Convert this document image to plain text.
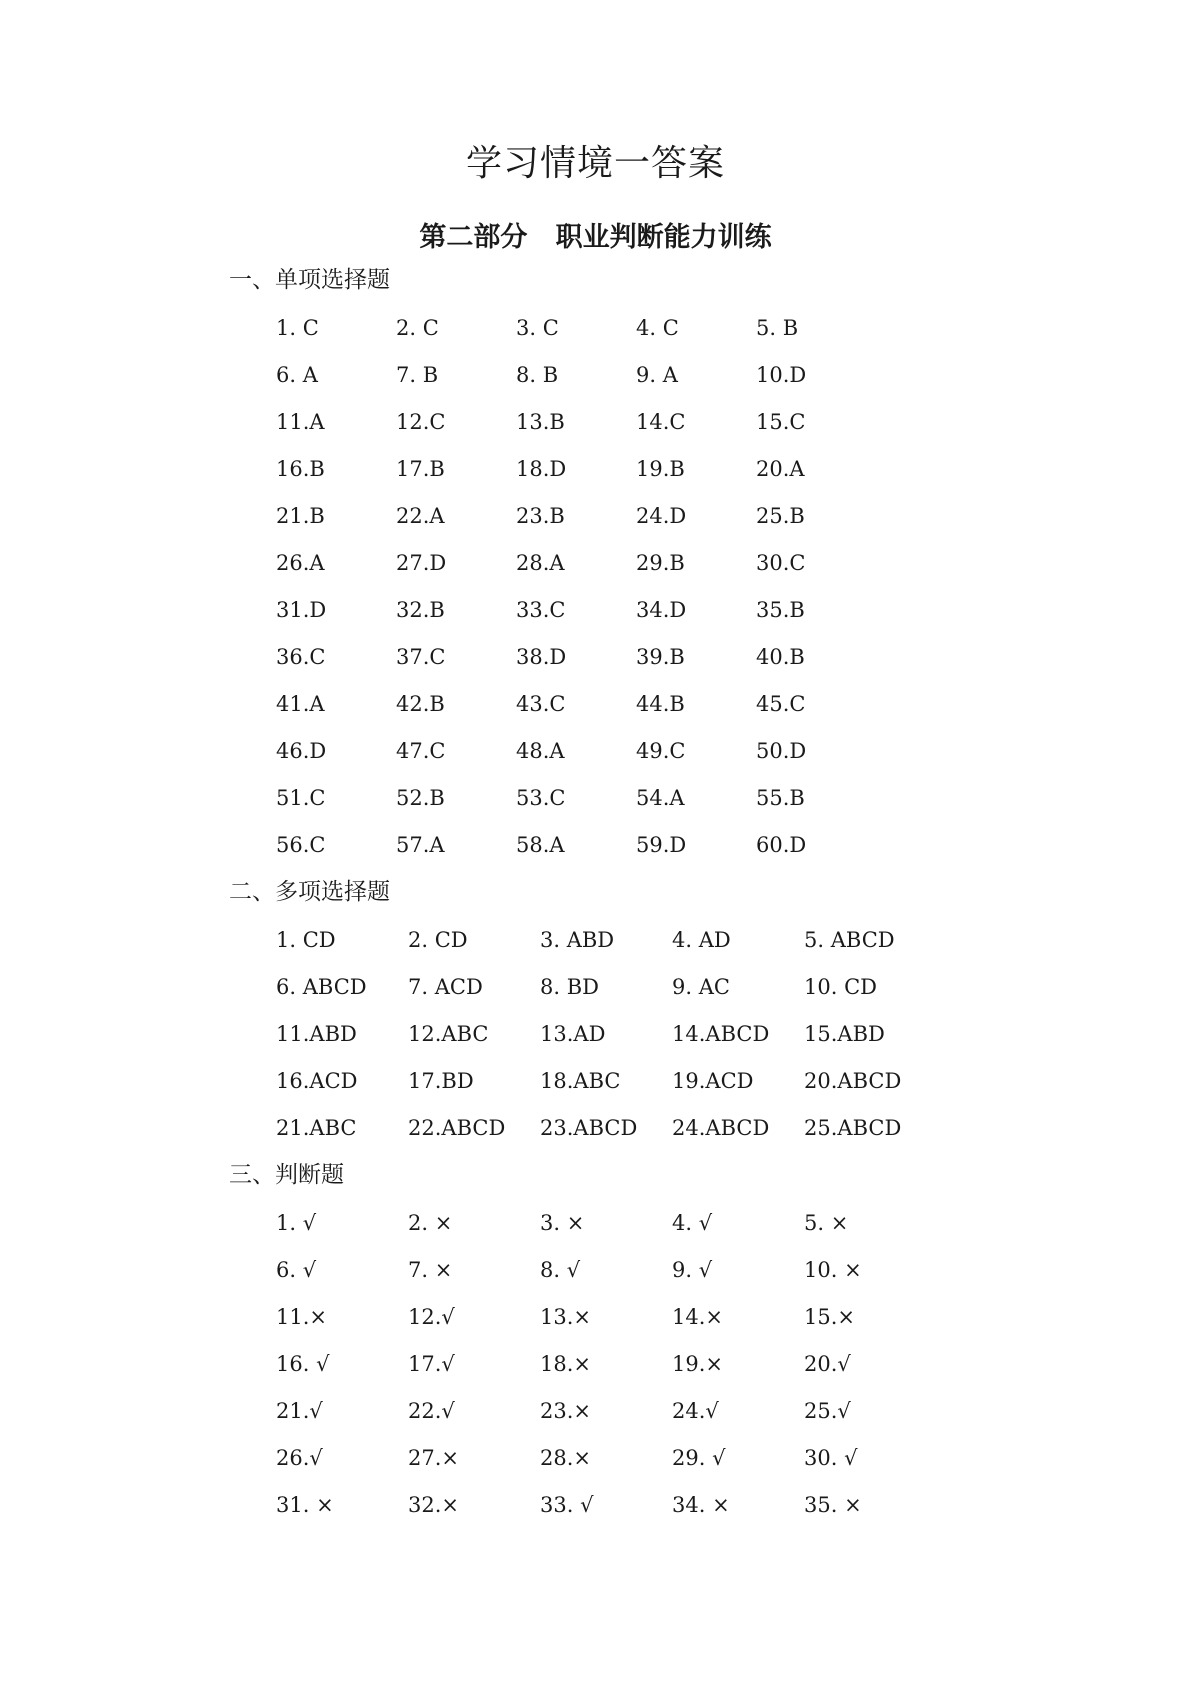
学习情境一答案
第二部分   职业判断能力训练
一、单项选择题
1. C	2. C	3. C	4. C	5. B
6. A	7. B	8. B	9. A	10.D
11.A	12.C	13.B	14.C	15.C
16.B	17.B	18.D	19.B	20.A
21.B	22.A	23.B	24.D	25.B
26.A	27.D	28.A	29.B	30.C
31.D	32.B	33.C	34.D	35.B
36.C	37.C	38.D	39.B	40.B
41.A	42.B	43.C	44.B	45.C
46.D	47.C	48.A	49.C	50.D
51.C	52.B	53.C	54.A	55.B
56.C	57.A	58.A	59.D	60.D
二、多项选择题
1. CD	2. CD	3. ABD	4. AD	5. ABCD
6. ABCD 7. ACD	8. BD	9. AC	10. CD
11.ABD 12.ABC 13.AD	14.ABCD 15.ABD
16.ACD 17.BD	18.ABC 19.ACD 20.ABCD
21.ABC 22.ABCD 23.ABCD 24.ABCD 25.ABCD
三、判断题
1. √	2. ×	3. ×	4. √	5. ×
6. √	7. ×	8. √	9. √	10. ×
11.×	12.√	13.×	14.×	15.×
16. √	17.√	18.×	19.×	20.√
21.√	22.√	23.×	24.√	25.√
26.√	27.×	28.×	29. √	30. √
31. ×	32.×	33. √	34. ×	35. ×
